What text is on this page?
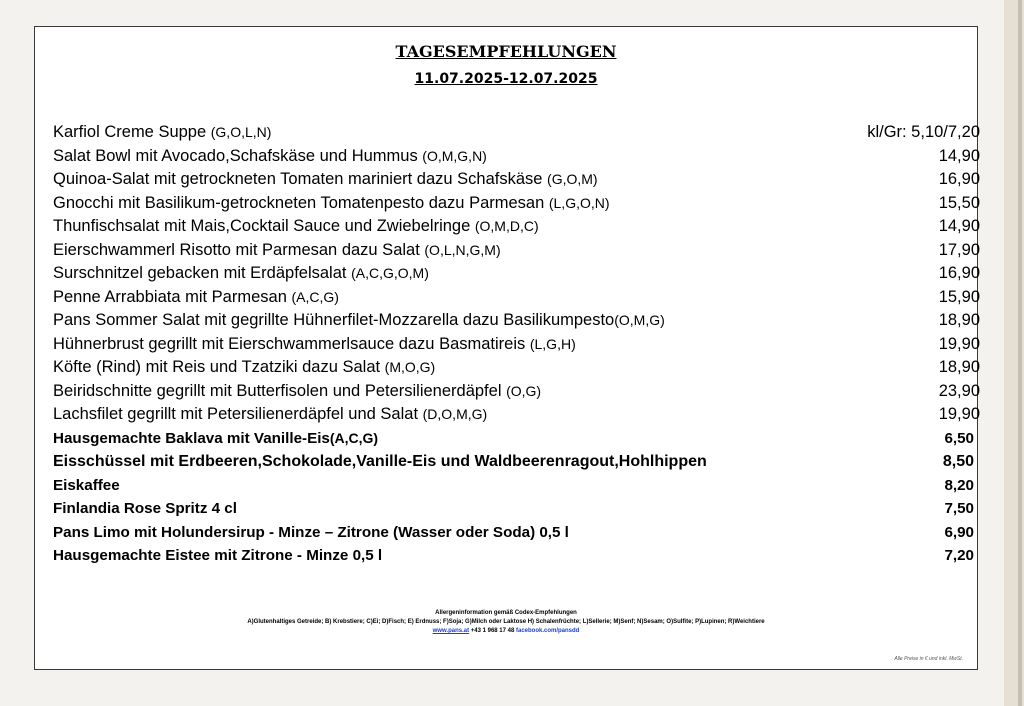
TAGESEMPFEHLUNGEN
11.07.2025-12.07.2025
Karfiol Creme Suppe (G,O,L,N)	kl/Gr: 5,10/7,20
Salat Bowl mit Avocado,Schafskäse und Hummus (O,M,G,N)	14,90
Quinoa-Salat mit getrockneten Tomaten mariniert dazu Schafskäse (G,O,M)	16,90
Gnocchi mit Basilikum-getrockneten Tomatenpesto dazu Parmesan (L,G,O,N)	15,50
Thunfischsalat mit Mais,Cocktail Sauce und Zwiebelringe (O,M,D,C)	14,90
Eierschwammerl Risotto mit Parmesan dazu Salat (O,L,N,G,M)	17,90
Surschnitzel gebacken mit Erdäpfelsalat (A,C,G,O,M)	16,90
Penne Arrabbiata mit Parmesan (A,C,G)	15,90
Pans Sommer Salat mit gegrillte Hühnerfilet-Mozzarella dazu Basilikumpesto(O,M,G)	18,90
Hühnerbrust gegrillt mit Eierschwammerlsauce dazu Basmatireis (L,G,H)	19,90
Köfte (Rind) mit Reis und Tzatziki dazu Salat (M,O,G)	18,90
Beiridschnitte gegrillt mit Butterfisolen und Petersilienerdäpfel (O,G)	23,90
Lachsfilet gegrillt mit Petersilienerdäpfel und Salat (D,O,M,G)	19,90
Hausgemachte Baklava mit Vanille-Eis(A,C,G)	6,50
Eisschüssel mit Erdbeeren,Schokolade,Vanille-Eis und Waldbeerenragout,Hohlhippen	8,50
Eiskaffee	8,20
Finlandia Rose Spritz 4 cl	7,50
Pans Limo mit Holundersirup - Minze – Zitrone (Wasser oder Soda) 0,5 l	6,90
Hausgemachte Eistee mit Zitrone - Minze 0,5 l	7,20
Allergeninformation gemäß Codex-Empfehlungen
A)Glutenhaltiges Getreide; B) Krebstiere; C)Ei; D)Fisch; E) Erdnuss; F)Soja; G)Milch oder Laktose H) Schalenfrüchte; L)Sellerie; M)Senf; N)Sesam; O)Sulfite; P)Lupinen; R)Weichtiere
www.pans.at +43 1 968 17 48 facebook.com/pansdd
Alle Preise in € und inkl. MwSt.
